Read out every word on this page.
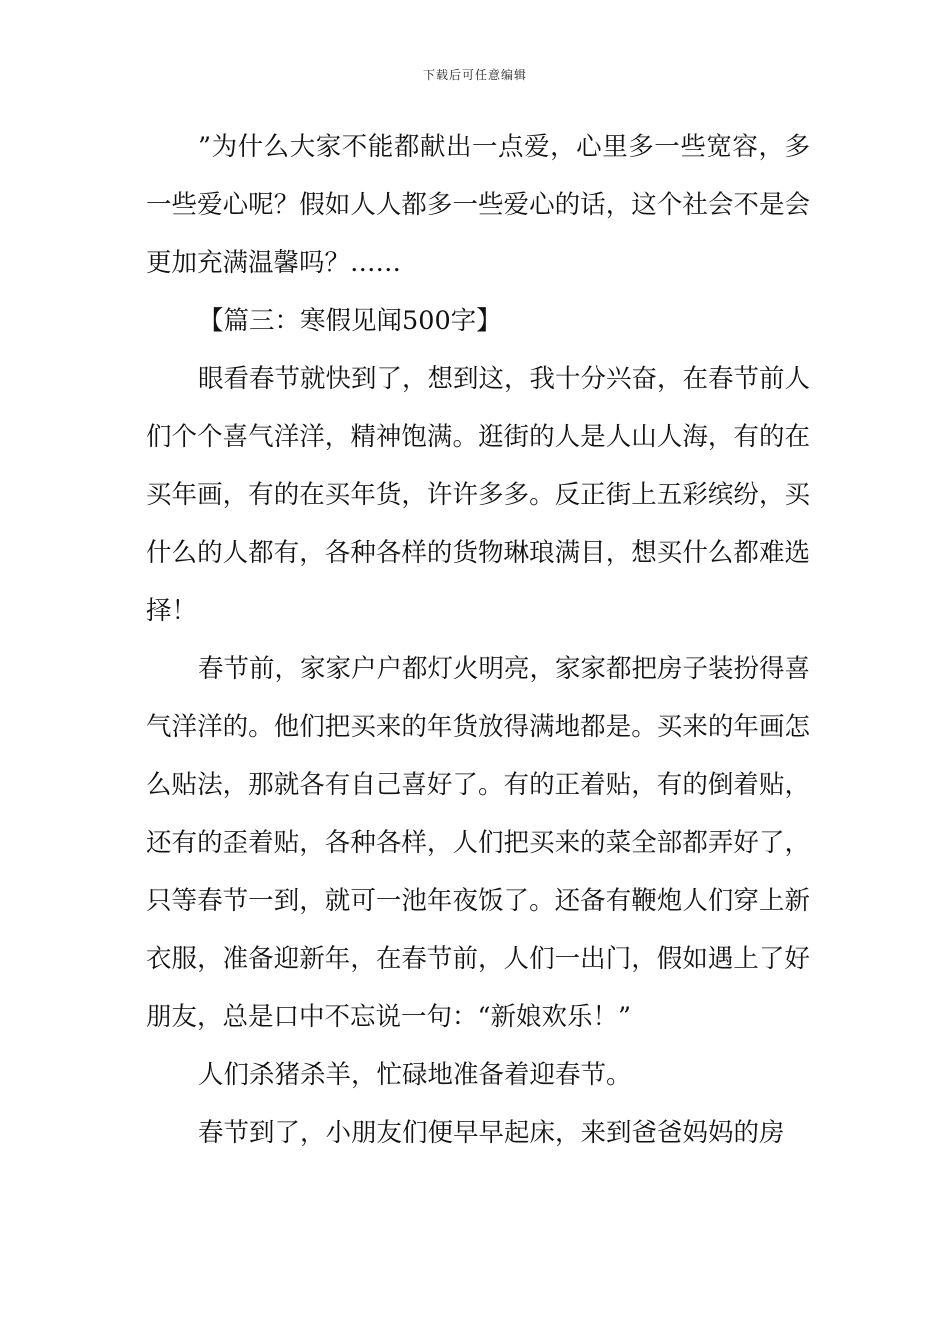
下载后可任意编辑

”为什么大家不能都献出一点爱，心里多一些宽容，多一些爱心呢？假如人人都多一些爱心的话，这个社会不是会更加充满温馨吗？……

【篇三：寒假见闻500字】

眼看春节就快到了，想到这，我十分兴奋，在春节前人们个个喜气洋洋，精神饱满。逛街的人是人山人海，有的在买年画，有的在买年货，许许多多。反正街上五彩缤纷，买什么的人都有，各种各样的货物琳琅满目，想买什么都难选择！

春节前，家家户户都灯火明亮，家家都把房子装扮得喜气洋洋的。他们把买来的年货放得满地都是。买来的年画怎么贴法，那就各有自己喜好了。有的正着贴，有的倒着贴，还有的歪着贴，各种各样，人们把买来的菜全部都弄好了，只等春节一到，就可一池年夜饭了。还备有鞭炮人们穿上新衣服，准备迎新年，在春节前，人们一出门，假如遇上了好朋友，总是口中不忘说一句：“新娘欢乐！”

人们杀猪杀羊，忙碌地准备着迎春节。

春节到了，小朋友们便早早起床，来到爸爸妈妈的房
